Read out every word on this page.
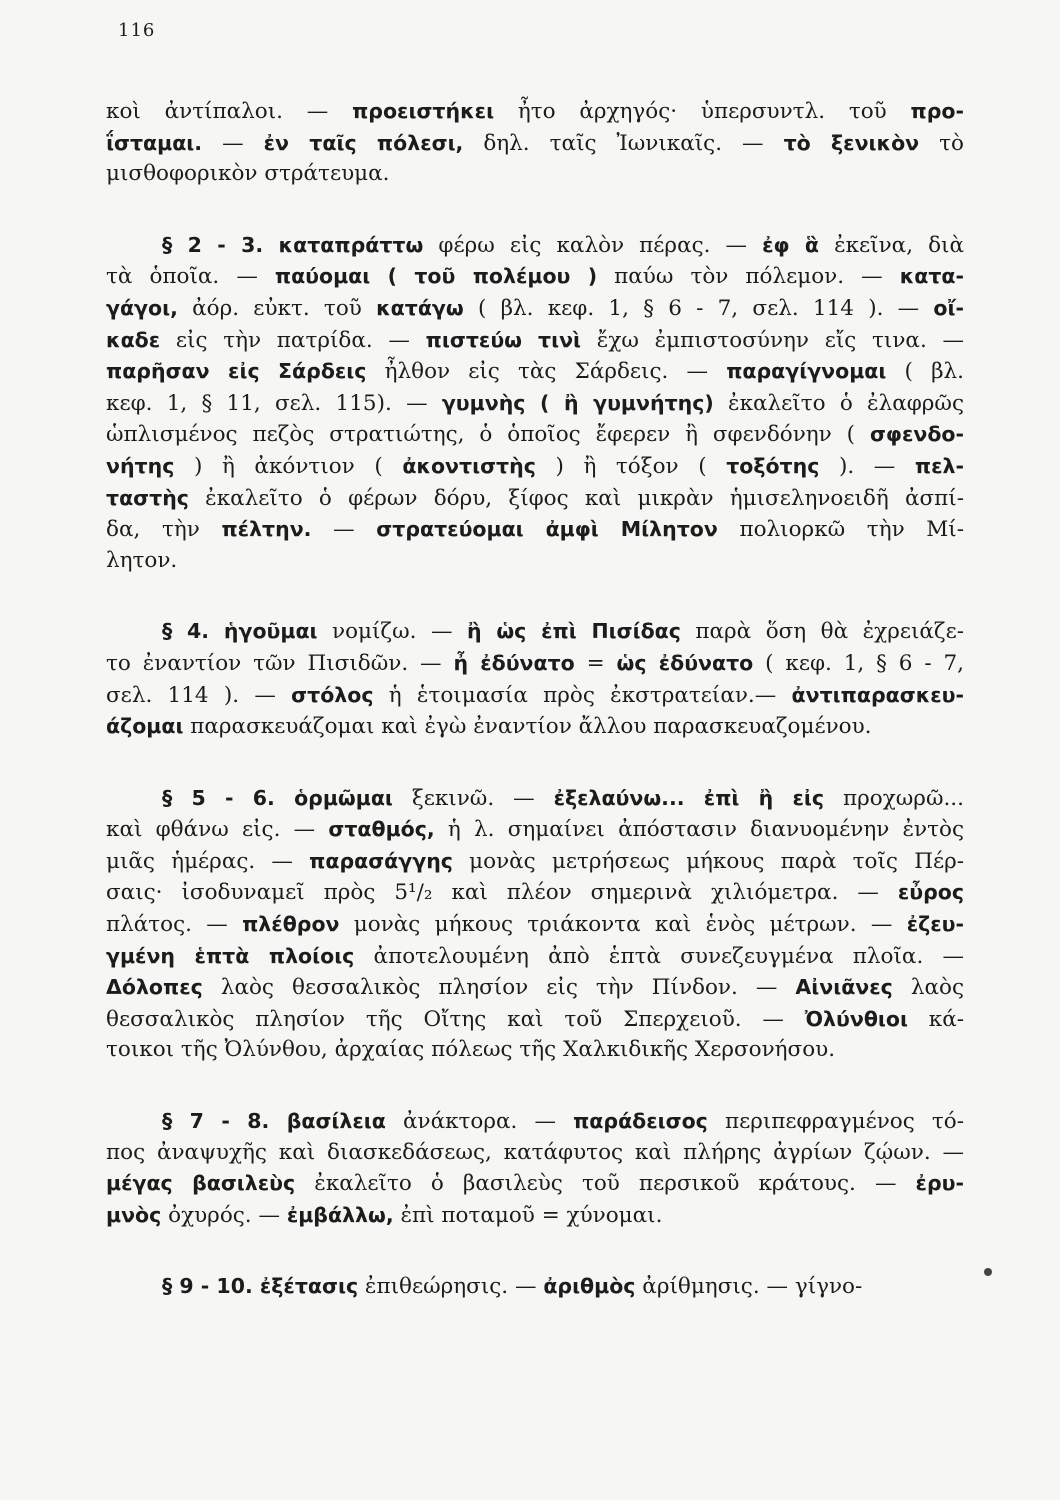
116
κοὶ ἀντίπαλοι. — προειστήκει ἦτο ἀρχηγός· ὑπερσυντλ. τοῦ προ-
ΐσταμαι. — ἐν ταῖς πόλεσι, δηλ. ταῖς Ἰωνικαῖς. — τὸ ξενικὸν τὸ
μισθοφορικὸν στράτευμα.
§ 2 - 3. καταπράττω φέρω εἰς καλὸν πέρας. — ἐφ ἃ ἐκεῖνα, διὰ
τὰ ὁποῖα. — παύομαι ( τοῦ πολέμου ) παύω τὸν πόλεμον. — κατα-
γάγοι, ἀόρ. εὐκτ. τοῦ κατάγω ( βλ. κεφ. 1, § 6 - 7, σελ. 114 ). — οἴ-
καδε εἰς τὴν πατρίδα. — πιστεύω τινὶ ἔχω ἐμπιστοσύνην εἴς τινα. —
παρῆσαν εἰς Σάρδεις ἦλθον εἰς τὰς Σάρδεις. — παραγίγνομαι ( βλ.
κεφ. 1, § 11, σελ. 115). — γυμνὴς ( ἢ γυμνήτης) ἐκαλεῖτο ὁ ἐλαφρῶς
ὡπλισμένος πεζὸς στρατιώτης, ὁ ὁποῖος ἔφερεν ἢ σφενδόνην ( σφενδο-
νήτης ) ἢ ἀκόντιον ( ἀκοντιστὴς ) ἢ τόξον ( τοξότης ). — πελ-
ταστὴς ἐκαλεῖτο ὁ φέρων δόρυ, ξίφος καὶ μικρὰν ἡμισεληνοειδῆ ἀσπί-
δα, τὴν πέλτην. — στρατεύομαι ἀμφὶ Μίλητον πολιορκῶ τὴν Μί-
λητον.
§ 4. ἡγοῦμαι νομίζω. — ἢ ὡς ἐπὶ Πισίδας παρὰ ὅση θὰ ἐχρειάζε-
το ἐναντίον τῶν Πισιδῶν. — ἦ ἐδύνατο = ὡς ἐδύνατο ( κεφ. 1, § 6 - 7,
σελ. 114 ). — στόλος ἡ ἑτοιμασία πρὸς ἐκστρατείαν.— ἀντιπαρασκευ-
άζομαι παρασκευάζομαι καὶ ἐγὼ ἐναντίον ἄλλου παρασκευαζομένου.
§ 5 - 6. ὁρμῶμαι ξεκινῶ. — ἐξελαύνω... ἐπὶ ἢ εἰς προχωρῶ...
καὶ φθάνω εἰς. — σταθμός, ἡ λ. σημαίνει ἀπόστασιν διανυομένην ἐντὸς
μιᾶς ἡμέρας. — παρασάγγης μονὰς μετρήσεως μήκους παρὰ τοῖς Πέρ-
σαις· ἰσοδυναμεῖ πρὸς 5¹/₂ καὶ πλέον σημερινὰ χιλιόμετρα. — εὖρος
πλάτος. — πλέθρον μονὰς μήκους τριάκοντα καὶ ἑνὸς μέτρων. — ἐζευ-
γμένη ἑπτὰ πλοίοις ἀποτελουμένη ἀπὸ ἑπτὰ συνεζευγμένα πλοῖα. —
Δόλοπες λαὸς θεσσαλικὸς πλησίον εἰς τὴν Πίνδον. — Αἰνιᾶνες λαὸς
θεσσαλικὸς πλησίον τῆς Οἴτης καὶ τοῦ Σπερχειοῦ. — Ὀλύνθιοι κά-
τοικοι τῆς Ὀλύνθου, ἀρχαίας πόλεως τῆς Χαλκιδικῆς Χερσονήσου.
§ 7 - 8. βασίλεια ἀνάκτορα. — παράδεισος περιπεφραγμένος τό-
πος ἀναψυχῆς καὶ διασκεδάσεως, κατάφυτος καὶ πλήρης ἀγρίων ζῴων. —
μέγας βασιλεὺς ἐκαλεῖτο ὁ βασιλεὺς τοῦ περσικοῦ κράτους. — ἐρυ-
μνὸς ὀχυρός. — ἐμβάλλω, ἐπὶ ποταμοῦ = χύνομαι.
§ 9 - 10. ἐξέτασις ἐπιθεώρησις. — ἀριθμὸς ἀρίθμησις. — γίγνο-
